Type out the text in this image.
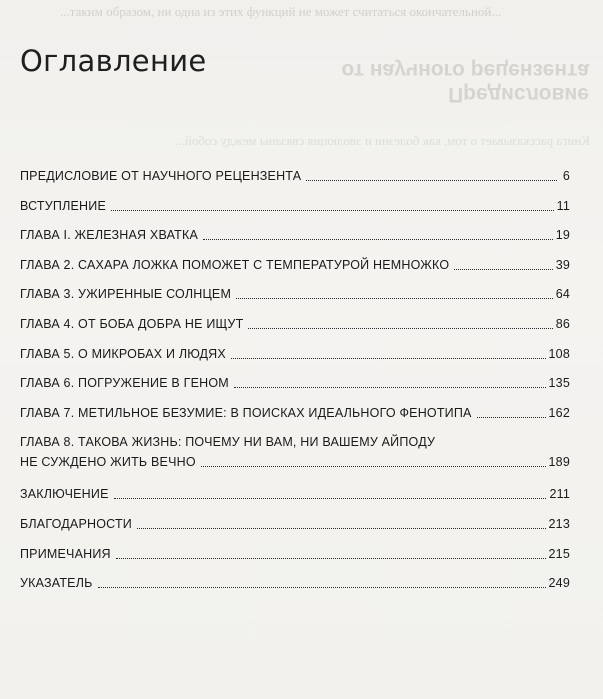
...таким образом, ни одна из этих функций не может считаться окончательной...
Предисловие
от научного рецензента
Книга рассказывает о том, как болезни и эволюция связаны между собой...
Оглавление
ПРЕДИСЛОВИЕ ОТ НАУЧНОГО РЕЦЕНЗЕНТА	6
ВСТУПЛЕНИЕ	11
ГЛАВА I. ЖЕЛЕЗНАЯ ХВАТКА	19
ГЛАВА 2. САХАРА ЛОЖКА ПОМОЖЕТ С ТЕМПЕРАТУРОЙ НЕМНОЖКО	39
ГЛАВА 3. УЖИРЕННЫЕ СОЛНЦЕМ	64
ГЛАВА 4. ОТ БОБА ДОБРА НЕ ИЩУТ	86
ГЛАВА 5. О МИКРОБАХ И ЛЮДЯХ	108
ГЛАВА 6. ПОГРУЖЕНИЕ В ГЕНОМ	135
ГЛАВА 7. МЕТИЛЬНОЕ БЕЗУМИЕ: В ПОИСКАХ ИДЕАЛЬНОГО ФЕНОТИПА	162
ГЛАВА 8. ТАКОВА ЖИЗНЬ: ПОЧЕМУ НИ ВАМ, НИ ВАШЕМУ АЙПОДУ
НЕ СУЖДЕНО ЖИТЬ ВЕЧНО	189
ЗАКЛЮЧЕНИЕ	211
БЛАГОДАРНОСТИ	213
ПРИМЕЧАНИЯ	215
УКАЗАТЕЛЬ	249
